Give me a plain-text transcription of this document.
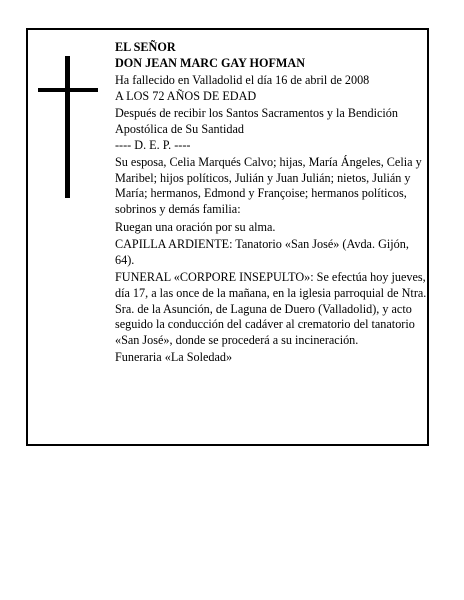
EL SEÑOR

DON JEAN MARC GAY HOFMAN

Ha fallecido en Valladolid el día 16 de abril de 2008

A LOS 72 AÑOS DE EDAD

Después de recibir los Santos Sacramentos y la Bendición Apostólica de Su Santidad

---- D. E. P. ----

Su esposa, Celia Marqués Calvo; hijas, María Ángeles, Celia y Maribel; hijos políticos, Julián y Juan Julián; nietos, Julián y María; hermanos, Edmond y Françoise; hermanos políticos, sobrinos y demás familia:

Ruegan una oración por su alma.

CAPILLA ARDIENTE: Tanatorio «San José» (Avda. Gijón, 64).

FUNERAL «CORPORE INSEPULTO»: Se efectúa hoy jueves, día 17, a las once de la mañana, en la iglesia parroquial de Ntra. Sra. de la Asunción, de Laguna de Duero (Valladolid), y acto seguido la conducción del cadáver al crematorio del tanatorio «San José», donde se procederá a su incineración.

Funeraria «La Soledad»
